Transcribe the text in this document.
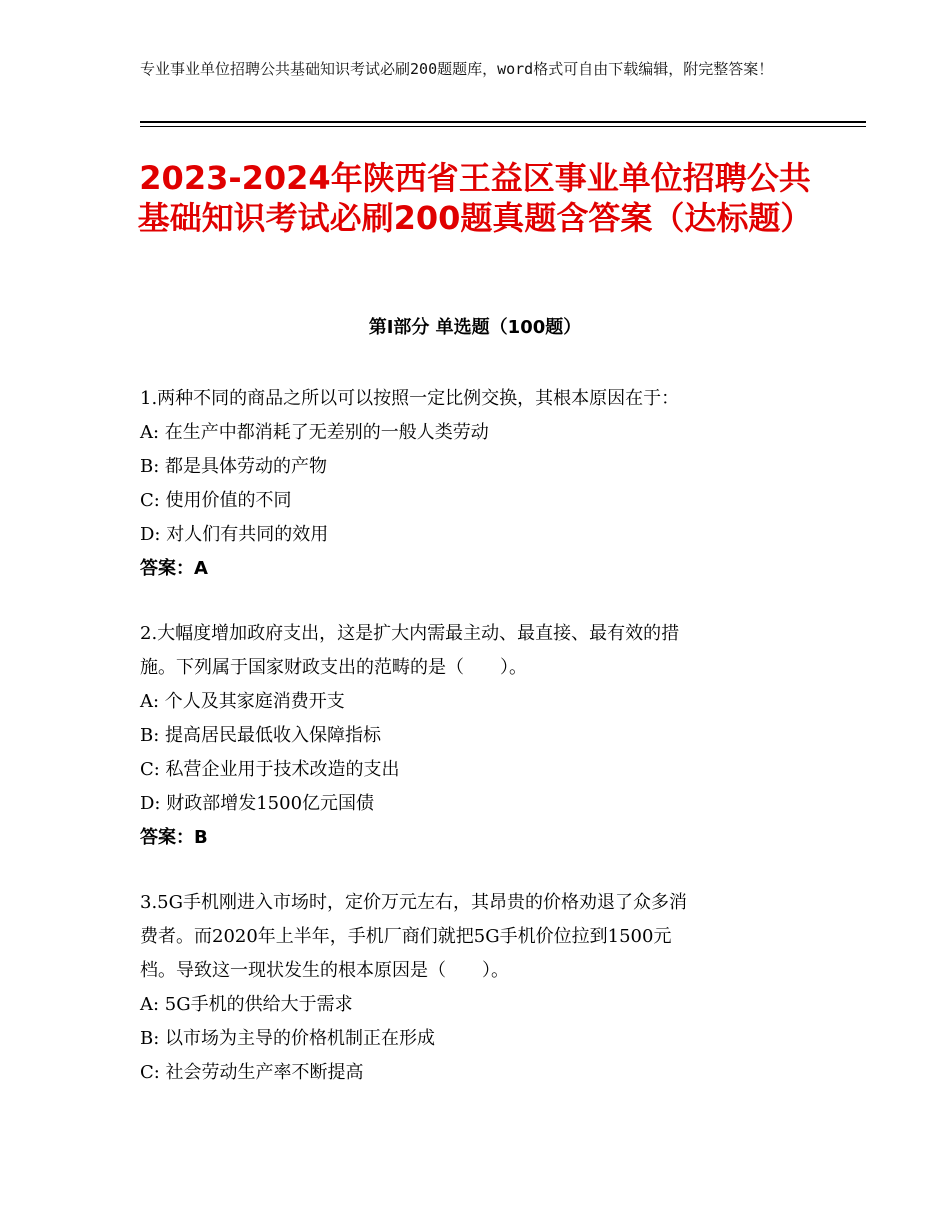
专业事业单位招聘公共基础知识考试必刷200题题库，word格式可自由下载编辑，附完整答案！
2023-2024年陕西省王益区事业单位招聘公共基础知识考试必刷200题真题含答案（达标题）
第I部分 单选题（100题）
1.两种不同的商品之所以可以按照一定比例交换，其根本原因在于：
A: 在生产中都消耗了无差别的一般人类劳动
B: 都是具体劳动的产物
C: 使用价值的不同
D: 对人们有共同的效用
答案：A
2.大幅度增加政府支出，这是扩大内需最主动、最直接、最有效的措
施。下列属于国家财政支出的范畴的是（　　）。
A: 个人及其家庭消费开支
B: 提高居民最低收入保障指标
C: 私营企业用于技术改造的支出
D: 财政部增发1500亿元国债
答案：B
3.5G手机刚进入市场时，定价万元左右，其昂贵的价格劝退了众多消
费者。而2020年上半年，手机厂商们就把5G手机价位拉到1500元
档。导致这一现状发生的根本原因是（　　）。
A: 5G手机的供给大于需求
B: 以市场为主导的价格机制正在形成
C: 社会劳动生产率不断提高
